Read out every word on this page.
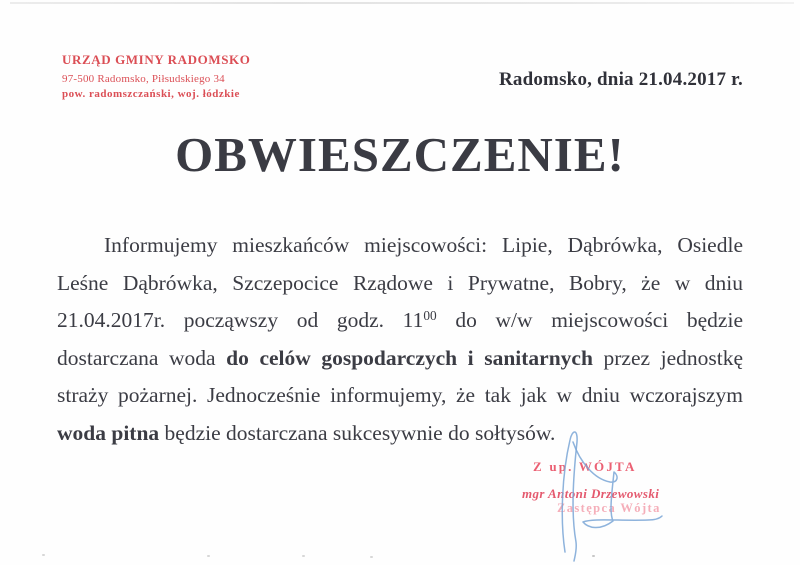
URZĄD GMINY RADOMSKO
97-500 Radomsko, Piłsudskiego 34
pow. radomszczański, woj. łódzkie
Radomsko, dnia 21.04.2017 r.
OBWIESZCZENIE!
Informujemy mieszkańców miejscowości: Lipie, Dąbrówka, Osiedle
Leśne Dąbrówka, Szczepocice Rządowe i Prywatne, Bobry, że w dniu
21.04.2017r. począwszy od godz. $11^{00}$ do w/w miejscowości będzie
dostarczana woda do celów gospodarczych i sanitarnych przez jednostkę
straży pożarnej. Jednocześnie informujemy, że tak jak w dniu wczorajszym
woda pitna będzie dostarczana sukcesywnie do sołtysów.
Z up. WÓJTA
mgr Antoni Drzewowski
Zastępca Wójta
